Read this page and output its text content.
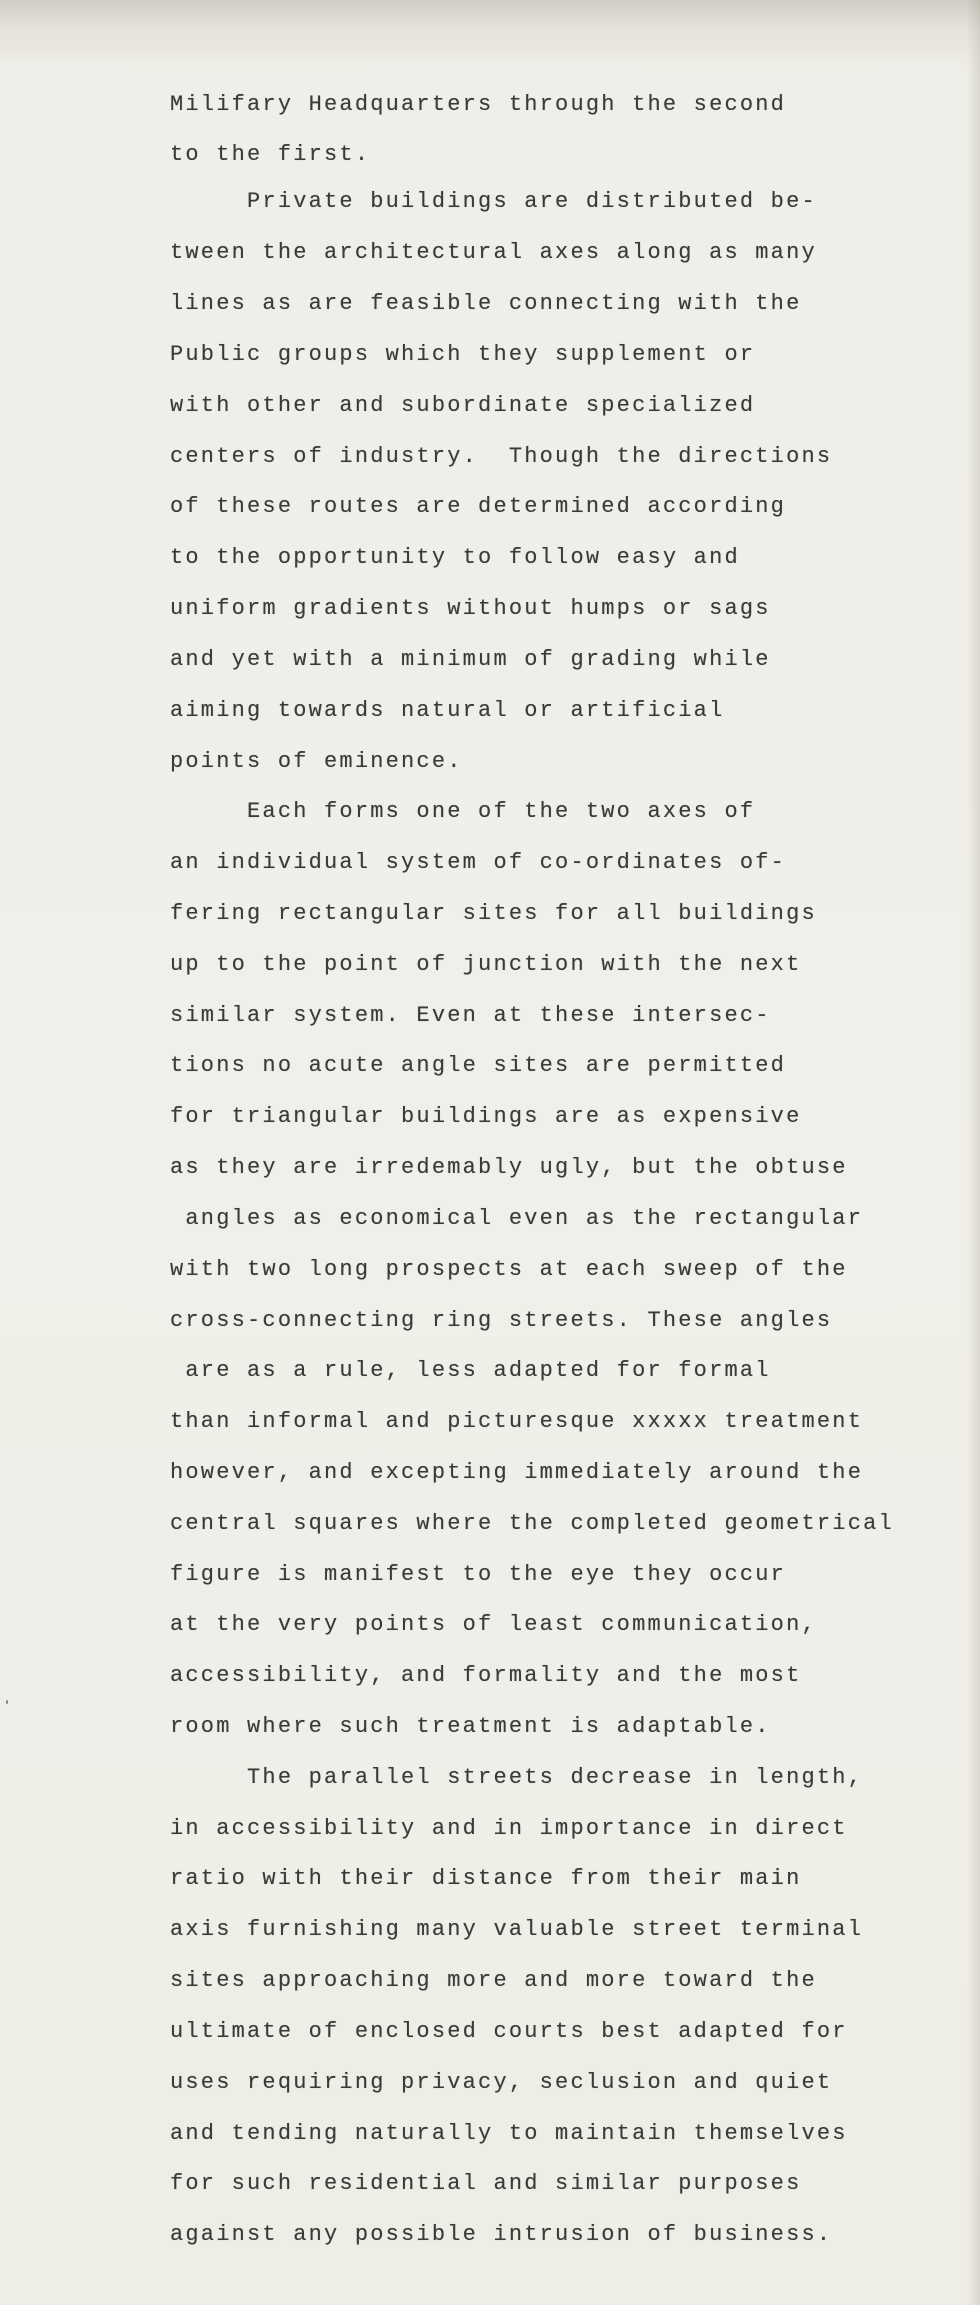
Milifary Headquarters through the second
to the first.
Private buildings are distributed be-
tween the architectural axes along as many
lines as are feasible connecting with the
Public groups which they supplement or
with other and subordinate specialized
centers of industry.  Though the directions
of these routes are determined according
to the opportunity to follow easy and
uniform gradients without humps or sags
and yet with a minimum of grading while
aiming towards natural or artificial
points of eminence.
Each forms one of the two axes of
an individual system of co-ordinates of-
fering rectangular sites for all buildings
up to the point of junction with the next
similar system. Even at these intersec-
tions no acute angle sites are permitted
for triangular buildings are as expensive
as they are irredemably ugly, but the obtuse
angles as economical even as the rectangular
with two long prospects at each sweep of the
cross-connecting ring streets. These angles
are as a rule, less adapted for formal
than informal and picturesque xxxxx treatment
however, and excepting immediately around the
central squares where the completed geometrical
figure is manifest to the eye they occur
at the very points of least communication,
accessibility, and formality and the most
room where such treatment is adaptable.
The parallel streets decrease in length,
in accessibility and in importance in direct
ratio with their distance from their main
axis furnishing many valuable street terminal
sites approaching more and more toward the
ultimate of enclosed courts best adapted for
uses requiring privacy, seclusion and quiet
and tending naturally to maintain themselves
for such residential and similar purposes
against any possible intrusion of business.
